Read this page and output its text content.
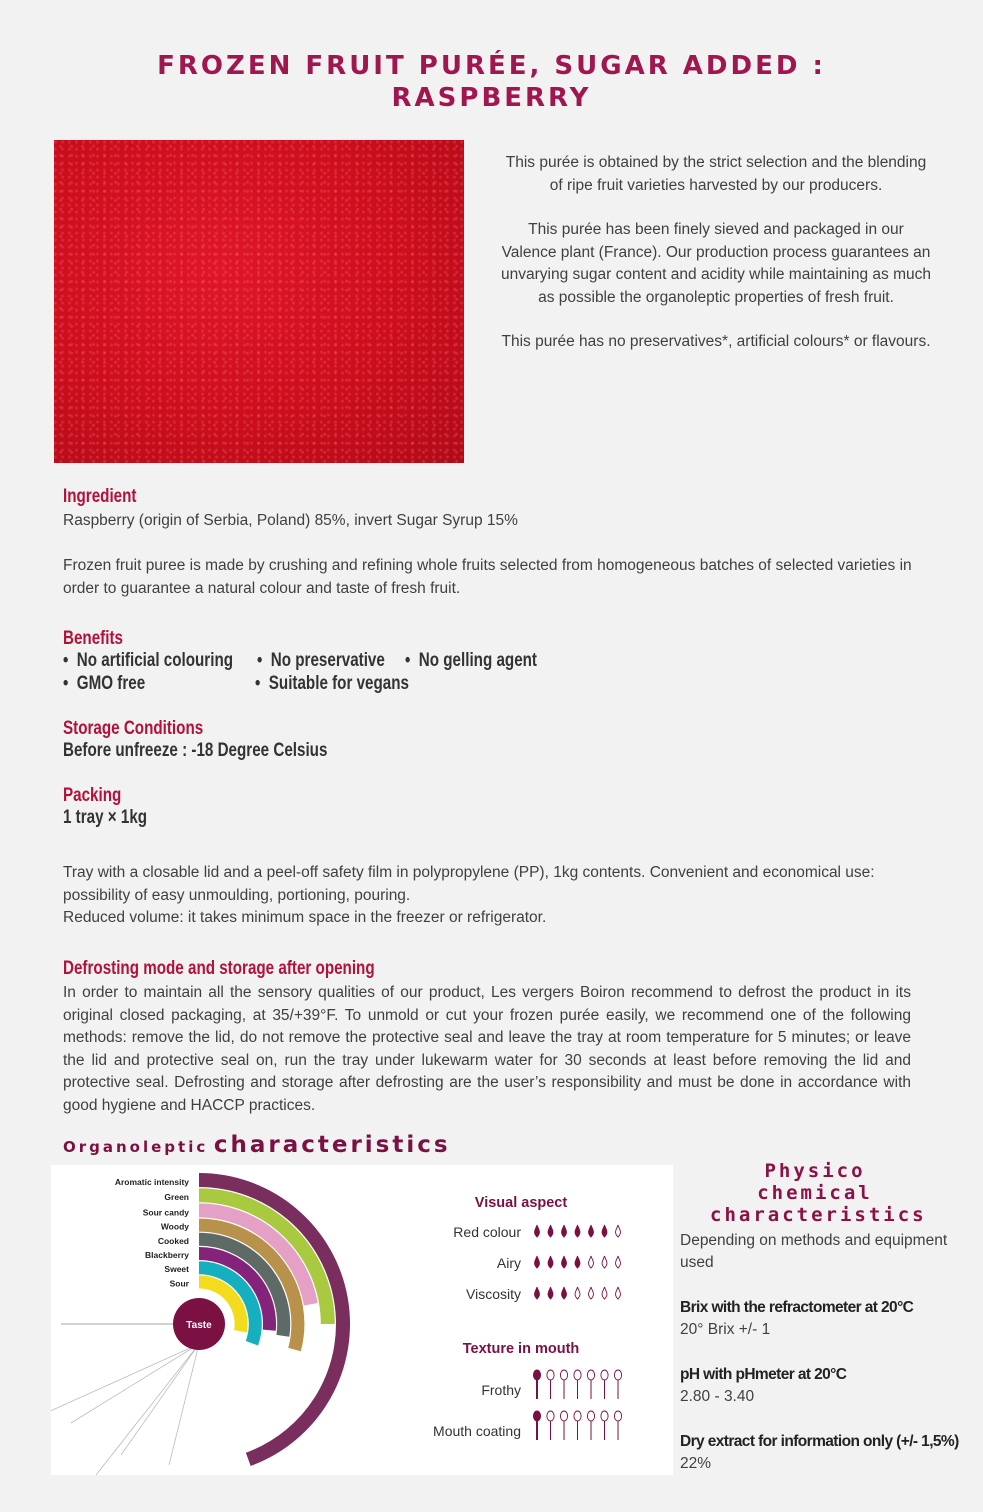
FROZEN FRUIT PURÉE, SUGAR ADDED :
RASPBERRY

This purée is obtained by the strict selection and the blending of ripe fruit varieties harvested by our producers.

This purée has been finely sieved and packaged in our Valence plant (France). Our production process guarantees an unvarying sugar content and acidity while maintaining as much as possible the organoleptic properties of fresh fruit.

This purée has no preservatives*, artificial colours* or flavours.

Ingredient
Raspberry (origin of Serbia, Poland) 85%, invert Sugar Syrup 15%
Frozen fruit puree is made by crushing and refining whole fruits selected from homogeneous batches of selected varieties in order to guarantee a natural colour and taste of fresh fruit.
Benefits
•  No artificial colouring •  No preservative •  No gelling agent
•  GMO free	•  Suitable for vegans
Storage Conditions
Before unfreeze : -18 Degree Celsius
Packing
1 tray × 1kg
Tray with a closable lid and a peel-off safety film in polypropylene (PP), 1kg contents. Convenient and economical use: possibility of easy unmoulding, portioning, pouring.
Reduced volume: it takes minimum space in the freezer or refrigerator.
Defrosting mode and storage after opening
In order to maintain all the sensory qualities of our product, Les vergers Boiron recommend to defrost the product in its original closed packaging, at 35/+39°F. To unmold or cut your frozen purée easily, we recommend one of the following methods: remove the lid, do not remove the protective seal and leave the tray at room temperature for 5 minutes; or leave the lid and protective seal on, run the tray under lukewarm water for 30 seconds at least before removing the lid and protective seal. Defrosting and storage after defrosting are the user’s responsibility and must be done in accordance with good hygiene and HACCP practices.
Organoleptic characteristics
Aromatic intensity
Green
Sour candy
Woody
Cooked
Blackberry
Sweet
Sour
Taste
Visual aspect
Red colour
Airy
Viscosity
Texture in mouth
Frothy
Mouth coating
Physico chemical
characteristics
Depending on methods and equipment used
Brix with the refractometer at 20°C
20° Brix +/- 1
pH with pHmeter at 20°C
2.80 - 3.40
Dry extract for information only (+/- 1,5%)
22%
